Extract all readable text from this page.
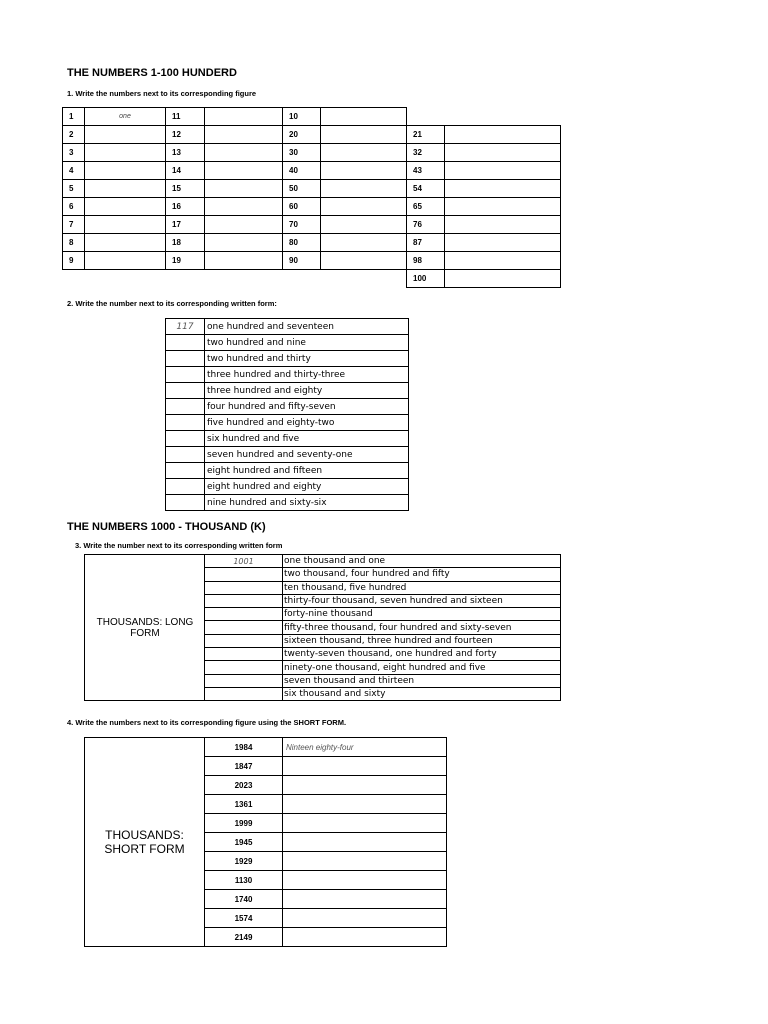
THE NUMBERS 1-100 HUNDERD
1. Write the numbers next to its corresponding figure
1	one	11		10			
2		12		20		21	
3		13		30		32	
4		14		40		43	
5		15		50		54	
6		16		60		65	
7		17		70		76	
8		18		80		87	
9		19		90		98	
						100	
2. Write the number next to its corresponding written form:
117	one hundred and seventeen
	two hundred and nine
	two hundred and thirty
	three hundred and thirty-three
	three hundred and eighty
	four hundred and fifty-seven
	five hundred and eighty-two
	six hundred and five
	seven hundred and seventy-one
	eight hundred and fifteen
	eight hundred and eighty
	nine hundred and sixty-six
THE NUMBERS 1000 - THOUSAND (K)
3. Write the number next to its corresponding written form
THOUSANDS: LONG FORM	1001	one thousand and one
		two thousand, four hundred and fifty
		ten thousand, five hundred
		thirty-four thousand, seven hundred and sixteen
		forty-nine thousand
		fifty-three thousand, four hundred and sixty-seven
		sixteen thousand, three hundred and fourteen
		twenty-seven thousand, one hundred and forty
		ninety-one thousand, eight hundred and five
		seven thousand and thirteen
		six thousand and sixty
4. Write the numbers next to its corresponding figure using the SHORT FORM.
THOUSANDS: SHORT FORM	1984	Ninteen eighty-four
	1847	
	2023	
	1361	
	1999	
	1945	
	1929	
	1130	
	1740	
	1574	
	2149	
